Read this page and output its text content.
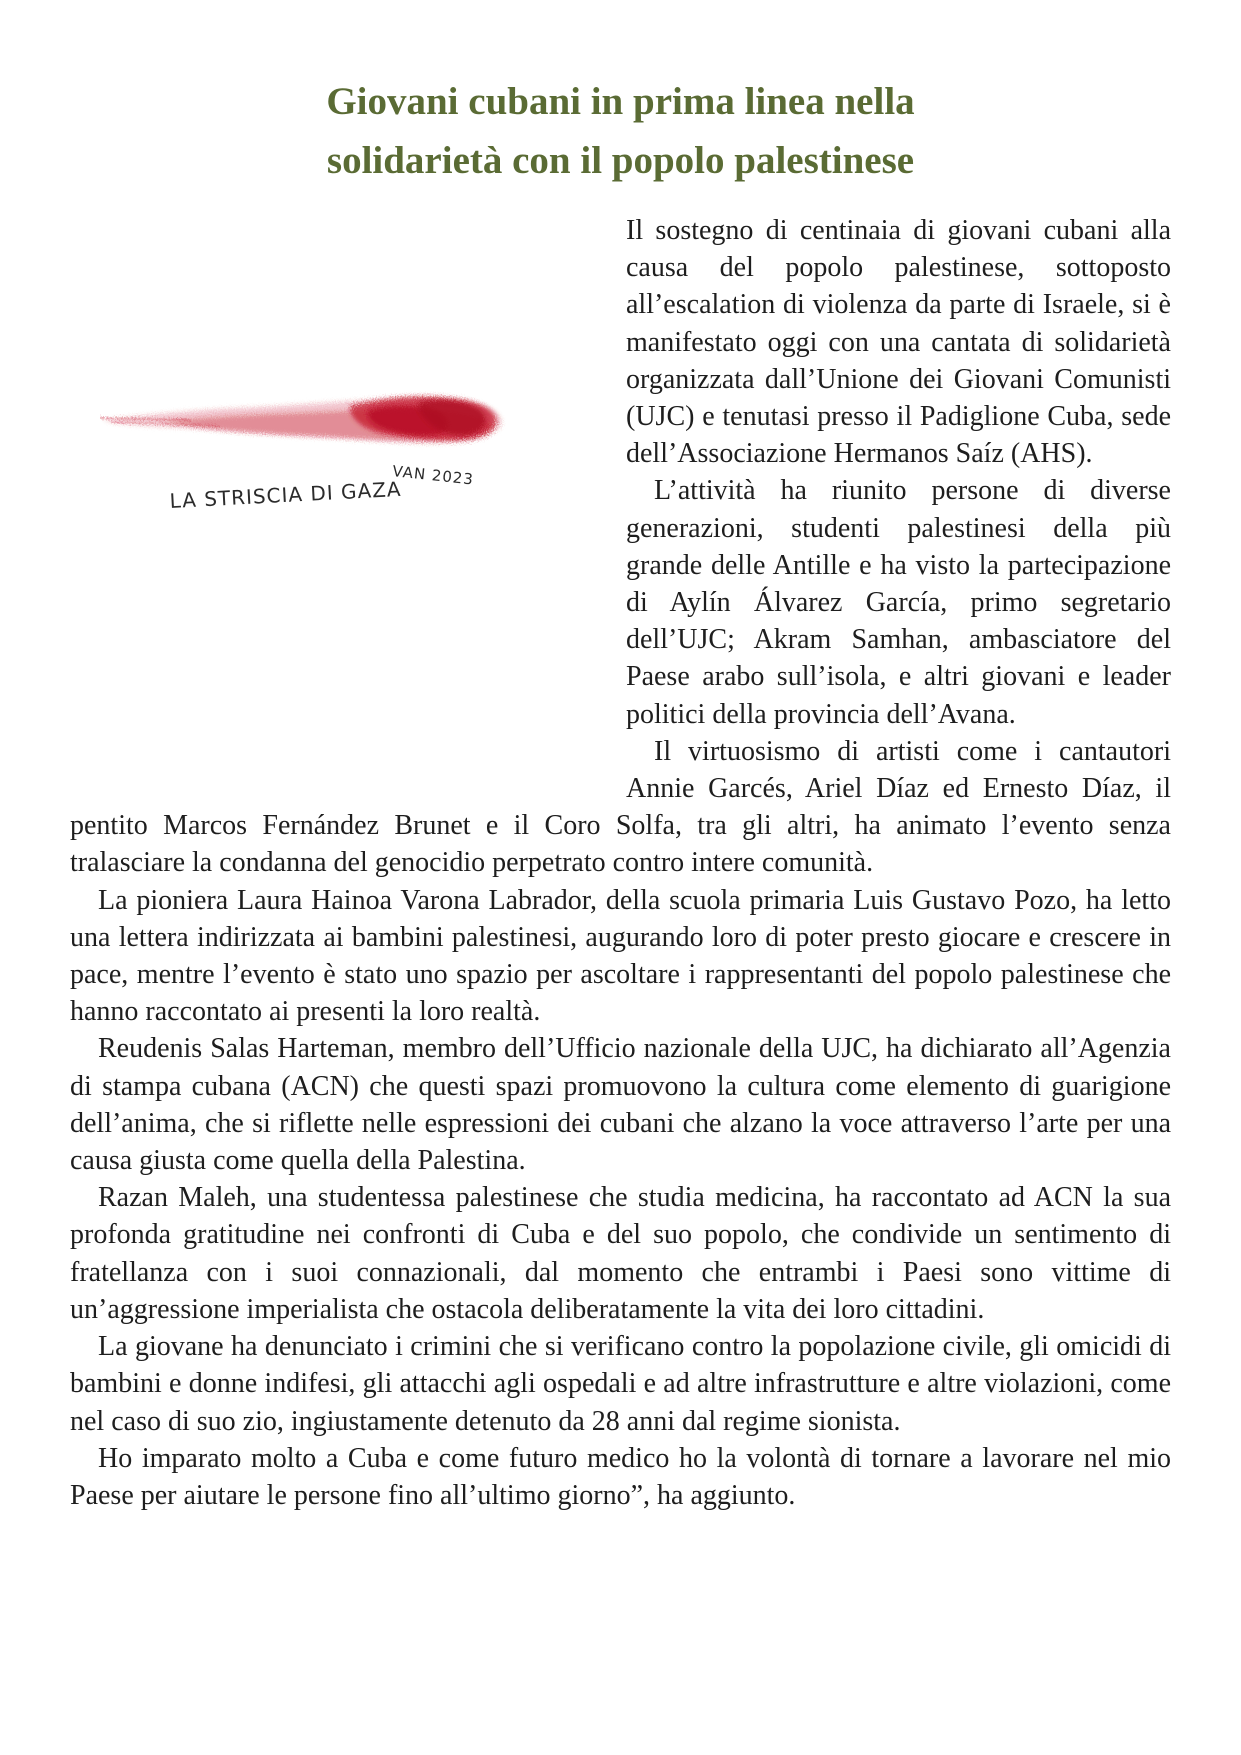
Giovani cubani in prima linea nella
solidarietà con il popolo palestinese
VAN 2023
LA STRISCIA DI GAZA

Il sostegno di centinaia di giovani cubani alla causa del popolo palestinese, sottoposto all’escalation di violenza da parte di Israele, si è manifestato oggi con una cantata di solidarietà organizzata dall’Unione dei Giovani Comunisti (UJC) e tenutasi presso il Padiglione Cuba, sede dell’Associazione Hermanos Saíz (AHS).

L’attività ha riunito persone di diverse generazioni, studenti palestinesi della più grande delle Antille e ha visto la partecipazione di Aylín Álvarez García, primo segretario dell’UJC; Akram Samhan, ambasciatore del Paese arabo sull’isola, e altri giovani e leader politici della provincia dell’Avana.

Il virtuosismo di artisti come i cantautori Annie Garcés, Ariel Díaz ed Ernesto Díaz, il pentito Marcos Fernández Brunet e il Coro Solfa, tra gli altri, ha animato l’evento senza tralasciare la condanna del genocidio perpetrato contro intere comunità.

La pioniera Laura Hainoa Varona Labrador, della scuola primaria Luis Gustavo Pozo, ha letto una lettera indirizzata ai bambini palestinesi, augurando loro di poter presto giocare e crescere in pace, mentre l’evento è stato uno spazio per ascoltare i rappresentanti del popolo palestinese che hanno raccontato ai presenti la loro realtà.

Reudenis Salas Harteman, membro dell’Ufficio nazionale della UJC, ha dichiarato all’Agenzia di stampa cubana (ACN) che questi spazi promuovono la cultura come elemento di guarigione dell’anima, che si riflette nelle espressioni dei cubani che alzano la voce attraverso l’arte per una causa giusta come quella della Palestina.

Razan Maleh, una studentessa palestinese che studia medicina, ha raccontato ad ACN la sua profonda gratitudine nei confronti di Cuba e del suo popolo, che condivide un sentimento di fratellanza con i suoi connazionali, dal momento che entrambi i Paesi sono vittime di un’aggressione imperialista che ostacola deliberatamente la vita dei loro cittadini.

La giovane ha denunciato i crimini che si verificano contro la popolazione civile, gli omicidi di bambini e donne indifesi, gli attacchi agli ospedali e ad altre infrastrutture e altre violazioni, come nel caso di suo zio, ingiustamente detenuto da 28 anni dal regime sionista.

Ho imparato molto a Cuba e come futuro medico ho la volontà di tornare a lavorare nel mio Paese per aiutare le persone fino all’ultimo giorno”, ha aggiunto.
